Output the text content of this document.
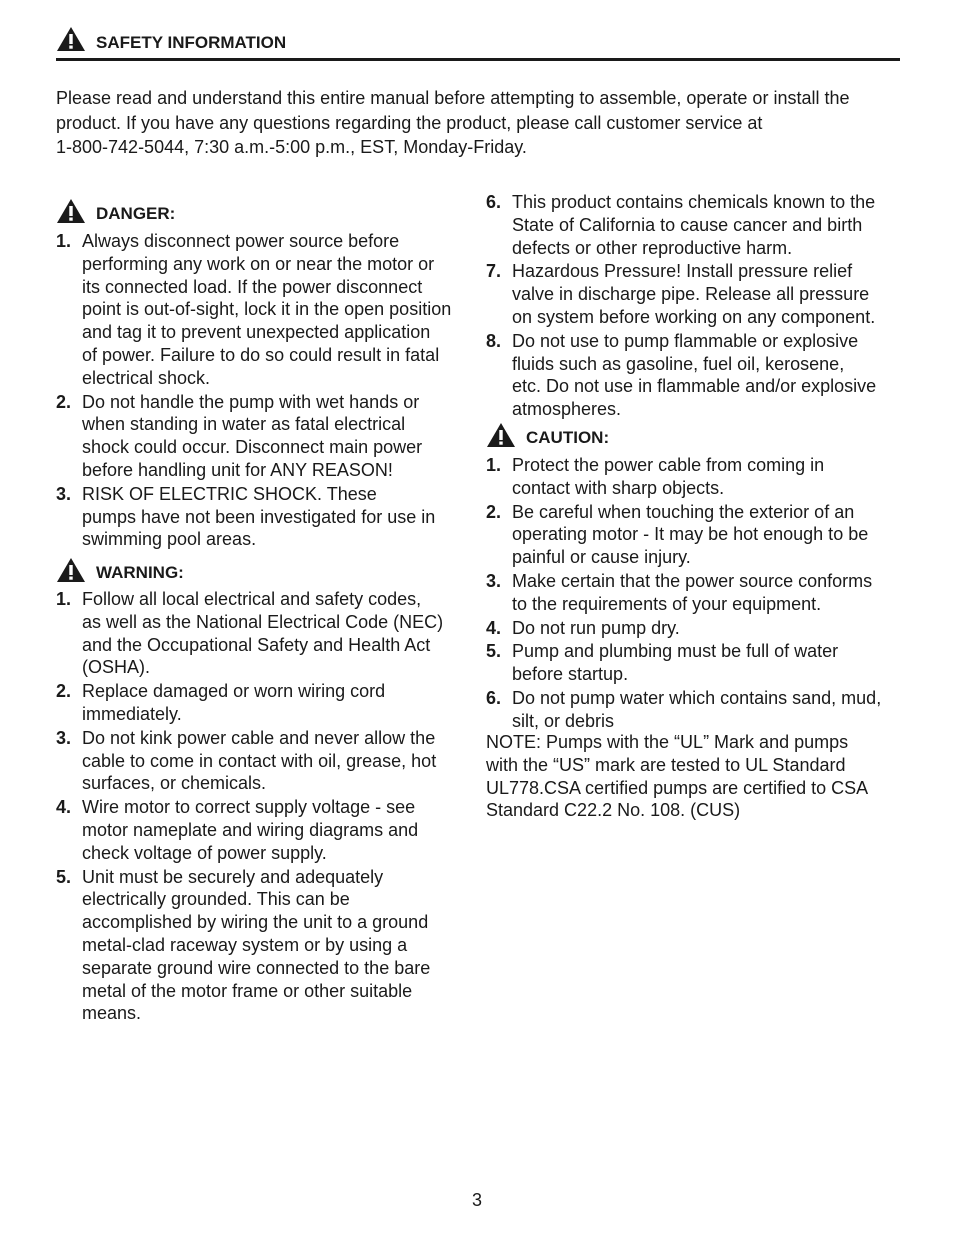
SAFETY INFORMATION

Please read and understand this entire manual before attempting to assemble, operate or install the

product. If you have any questions regarding the product, please call customer service at

1-800-742-5044, 7:30 a.m.-5:00 p.m., EST, Monday-Friday.

DANGER:
1. Always disconnect power source before
performing any work on or near the motor or
its connected load. If the power disconnect
point is out-of-sight, lock it in the open position
and tag it to prevent unexpected application
of power. Failure to do so could result in fatal
electrical shock.
2. Do not handle the pump with wet hands or
when standing in water as fatal electrical
shock could occur. Disconnect main power
before handling unit for ANY REASON!
3. RISK OF ELECTRIC SHOCK. These
pumps have not been investigated for use in
swimming pool areas.
WARNING:
1. Follow all local electrical and safety codes,
as well as the National Electrical Code (NEC)
and the Occupational Safety and Health Act
(OSHA).
2. Replace damaged or worn wiring cord
immediately.
3. Do not kink power cable and never allow the
cable to come in contact with oil, grease, hot
surfaces, or chemicals.
4. Wire motor to correct supply voltage - see
motor nameplate and wiring diagrams and
check voltage of power supply.
5. Unit must be securely and adequately
electrically grounded. This can be
accomplished by wiring the unit to a ground
metal-clad raceway system or by using a
separate ground wire connected to the bare
metal of the motor frame or other suitable
means.
6. This product contains chemicals known to the
State of California to cause cancer and birth
defects or other reproductive harm.
7. Hazardous Pressure! Install pressure relief
valve in discharge pipe. Release all pressure
on system before working on any component.
8. Do not use to pump flammable or explosive
fluids such as gasoline, fuel oil, kerosene,
etc. Do not use in flammable and/or explosive
atmospheres.
CAUTION:
1. Protect the power cable from coming in
contact with sharp objects.
2. Be careful when touching the exterior of an
operating motor - It may be hot enough to be
painful or cause injury.
3. Make certain that the power source conforms
to the requirements of your equipment.
4. Do not run pump dry.
5. Pump and plumbing must be full of water
before startup.
6. Do not pump water which contains sand, mud,
silt, or debris
NOTE: Pumps with the “UL” Mark and pumps
with the “US” mark are tested to UL Standard
UL778.CSA certified pumps are certified to CSA
Standard C22.2 No. 108. (CUS)
3
